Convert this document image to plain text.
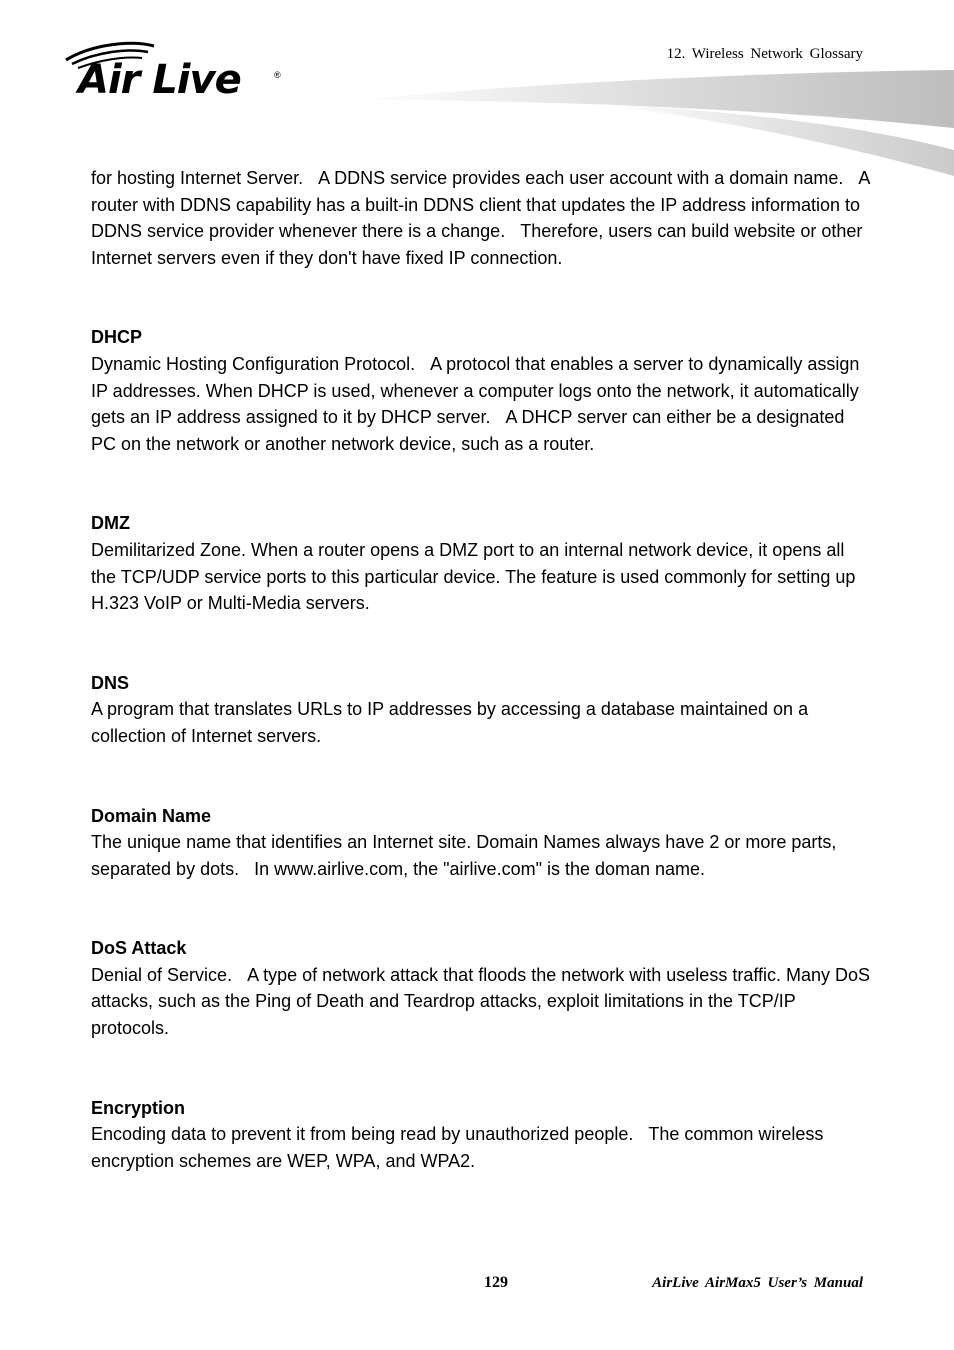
Air Live	®
12. Wireless Network Glossary

for hosting Internet Server.   A DDNS service provides each user account with a domain name.   A router with DDNS capability has a built-in DDNS client that updates the IP address information to DDNS service provider whenever there is a change.   Therefore, users can build website or other Internet servers even if they don't have fixed IP connection.

DHCP

Dynamic Hosting Configuration Protocol.   A protocol that enables a server to dynamically assign IP addresses. When DHCP is used, whenever a computer logs onto the network, it automatically gets an IP address assigned to it by DHCP server.   A DHCP server can either be a designated PC on the network or another network device, such as a router.

DMZ

Demilitarized Zone. When a router opens a DMZ port to an internal network device, it opens all the TCP/UDP service ports to this particular device. The feature is used commonly for setting up H.323 VoIP or Multi-Media servers.

DNS

A program that translates URLs to IP addresses by accessing a database maintained on a collection of Internet servers.

Domain Name

The unique name that identifies an Internet site. Domain Names always have 2 or more parts, separated by dots.   In www.airlive.com, the "airlive.com" is the doman name.

DoS Attack

Denial of Service.   A type of network attack that floods the network with useless traffic. Many DoS attacks, such as the Ping of Death and Teardrop attacks, exploit limitations in the TCP/IP protocols.

Encryption

Encoding data to prevent it from being read by unauthorized people.   The common wireless encryption schemes are WEP, WPA, and WPA2.

129	AirLive AirMax5 User’s Manual
